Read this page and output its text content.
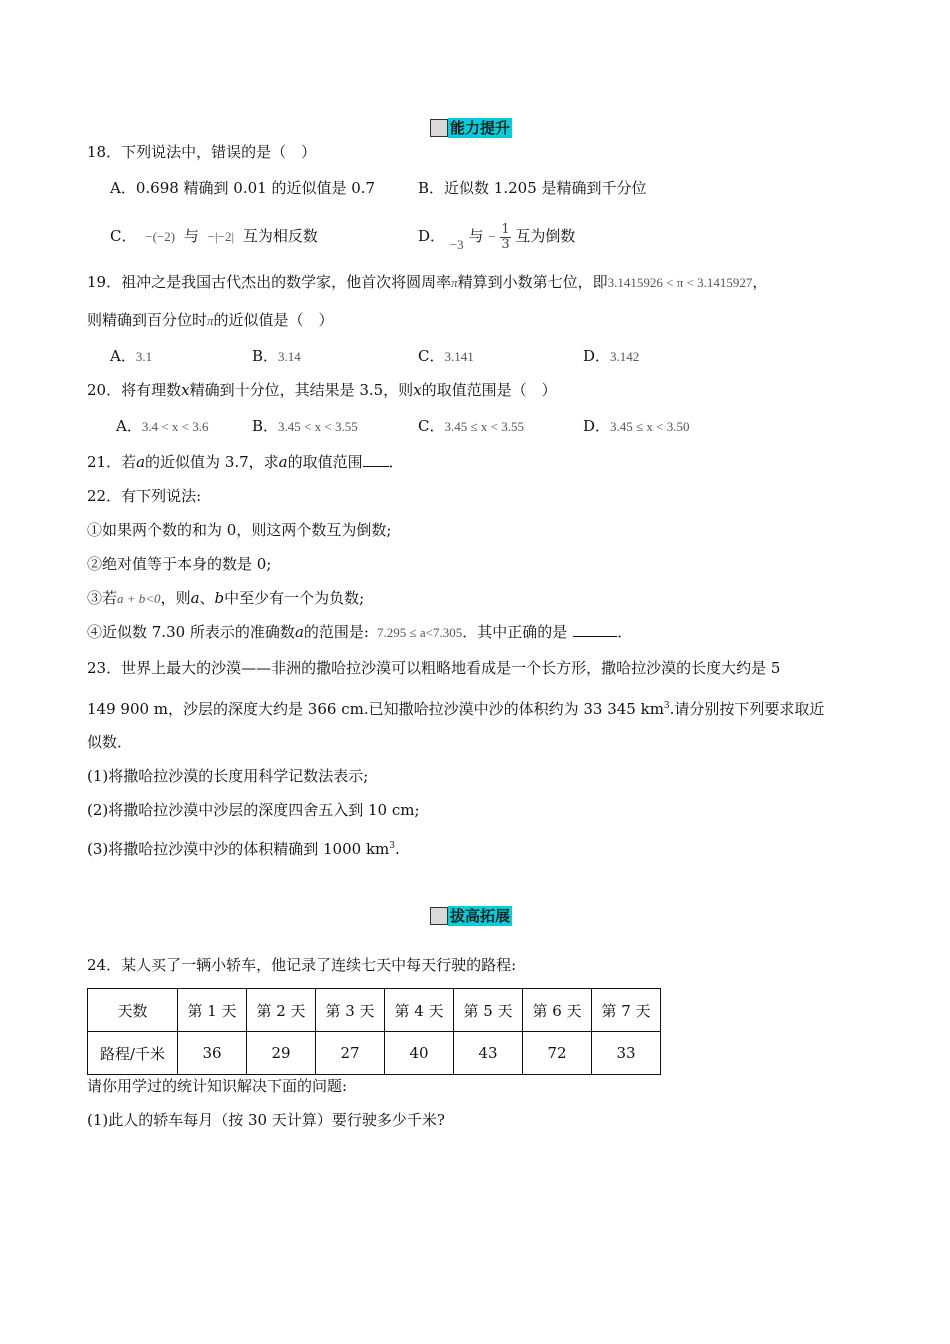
能力提升
18．下列说法中，错误的是（　）
A．0.698 精确到 0.01 的近似值是 0.7	B．近似数 1.205 是精确到千分位
C． −(−2) 与 −|−2| 互为相反数	D． −3 与 − $\frac{1}{3}$ 互为倒数
19．祖冲之是我国古代杰出的数学家，他首次将圆周率π精算到小数第七位，即3.1415926 < π < 3.1415927，
则精确到百分位时π的近似值是（　）
A．3.1	B．3.14	C．3.141	D．3.142
20．将有理数x精确到十分位，其结果是 3.5，则x的取值范围是（　）
A．3.4 < x < 3.6	B．3.45 < x < 3.55	C．3.45 ≤ x < 3.55	D．3.45 ≤ x < 3.50
21．若a的近似值为 3.7，求a的取值范围 ．
22．有下列说法:
①如果两个数的和为 0，则这两个数互为倒数;
②绝对值等于本身的数是 0;
③若a + b<0，则a、b中至少有一个为负数;
④近似数 7.30 所表示的准确数a的范围是: 7.295 ≤ a<7.305．其中正确的是	．
23．世界上最大的沙漠——非洲的撒哈拉沙漠可以粗略地看成是一个长方形，撒哈拉沙漠的长度大约是 5
149 900 m，沙层的深度大约是 366 cm.已知撒哈拉沙漠中沙的体积约为 33 345 $km^3$.请分别按下列要求取近
似数．
(1)将撒哈拉沙漠的长度用科学记数法表示;
(2)将撒哈拉沙漠中沙层的深度四舍五入到 10 cm;
(3)将撒哈拉沙漠中沙的体积精确到 1000 $km^3$.
拔高拓展
24．某人买了一辆小轿车，他记录了连续七天中每天行驶的路程:
天数	第 1 天	第 2 天	第 3 天	第 4 天	第 5 天	第 6 天	第 7 天
路程/千米	36	29	27	40	43	72	33
请你用学过的统计知识解决下面的问题:
(1)此人的轿车每月（按 30 天计算）要行驶多少千米?
